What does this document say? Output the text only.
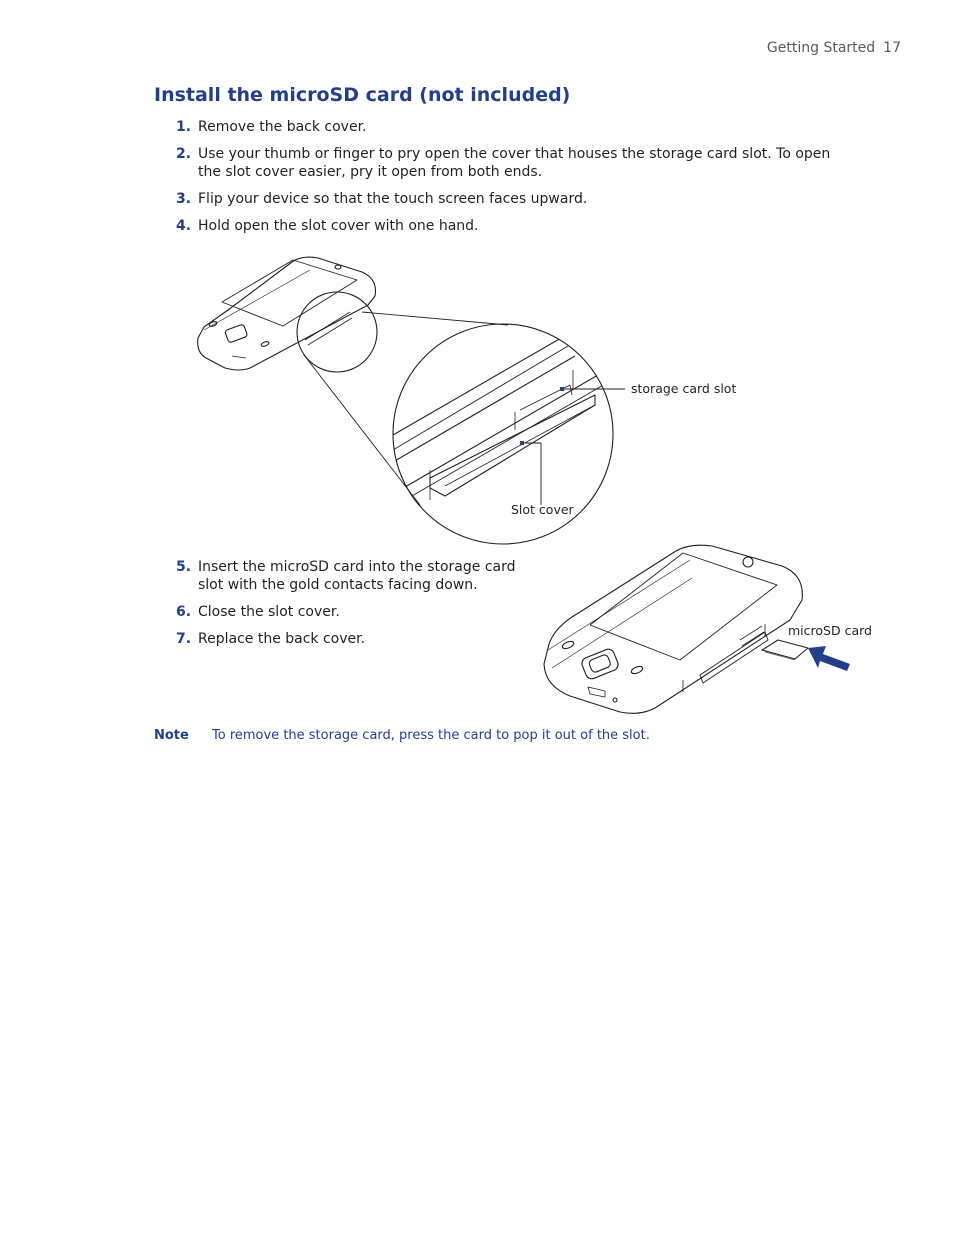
Getting Started 17
Install the microSD card (not included)
1. Remove the back cover.
2. Use your thumb or finger to pry open the cover that houses the storage card slot. To open the slot cover easier, pry it open from both ends.
3. Flip your device so that the touch screen faces upward.
4. Hold open the slot cover with one hand.
storage card slot
Slot cover
5. Insert the microSD card into the storage card slot with the gold contacts facing down.
6. Close the slot cover.
7. Replace the back cover.
microSD card
Note To remove the storage card, press the card to pop it out of the slot.
